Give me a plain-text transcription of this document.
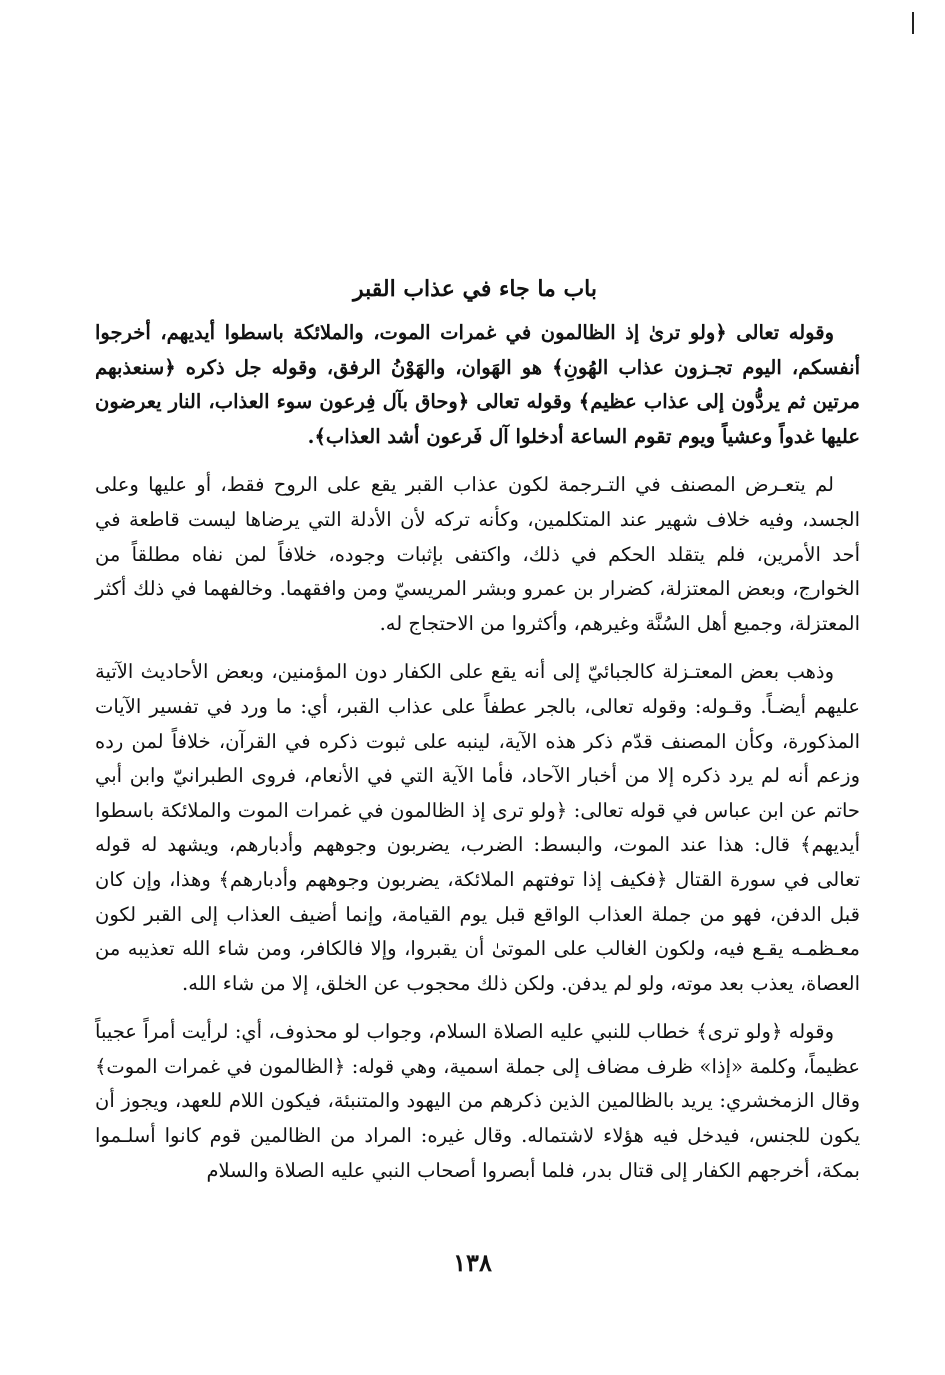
باب ما جاء في عذاب القبر

وقوله تعالى ﴿ولو ترىٰ إذ الظالمون في غمرات الموت، والملائكة باسطوا أيديهم، أخرجوا أنفسكم، اليوم تجـزون عذاب الهُونِ﴾ هو الهَوان، والهَوْنُ الرفق، وقوله جل ذكره ﴿سنعذبهم مرتين ثم يردُّون إلى عذاب عظيم﴾ وقوله تعالى ﴿وحاق بآل فِرعون سوء العذاب، النار يعرضون عليها غدواً وعشياً ويوم تقوم الساعة أدخلوا آل فَرعون أشد العذاب﴾.

لم يتعـرض المصنف في التـرجمة لكون عذاب القبر يقع على الروح فقط، أو عليها وعلى الجسد، وفيه خلاف شهير عند المتكلمين، وكأنه تركه لأن الأدلة التي يرضاها ليست قاطعة في أحد الأمرين، فلم يتقلد الحكم في ذلك، واكتفى بإثبات وجوده، خلافاً لمن نفاه مطلقاً من الخوارج، وبعض المعتزلة، كضرار بن عمرو وبشر المريسيّ ومن وافقهما. وخالفهما في ذلك أكثر المعتزلة، وجميع أهل السُنَّة وغيرهم، وأكثروا من الاحتجاج له.

وذهب بعض المعتـزلة كالجبائيّ إلى أنه يقع على الكفار دون المؤمنين، وبعض الأحاديث الآتية عليهم أيضـاً. وقـوله: وقوله تعالى، بالجر عطفاً على عذاب القبر، أي: ما ورد في تفسير الآيات المذكورة، وكأن المصنف قدّم ذكر هذه الآية، لينبه على ثبوت ذكره في القرآن، خلافاً لمن رده وزعم أنه لم يرد ذكره إلا من أخبار الآحاد، فأما الآية التي في الأنعام، فروى الطبرانيّ وابن أبي حاتم عن ابن عباس في قوله تعالى: ﴿ولو ترى إذ الظالمون في غمرات الموت والملائكة باسطوا أيديهم﴾ قال: هذا عند الموت، والبسط: الضرب، يضربون وجوههم وأدبارهم، ويشهد له قوله تعالى في سورة القتال ﴿فكيف إذا توفتهم الملائكة، يضربون وجوههم وأدبارهم﴾ وهذا، وإن كان قبل الدفن، فهو من جملة العذاب الواقع قبل يوم القيامة، وإنما أضيف العذاب إلى القبر لكون معـظمـه يقـع فيه، ولكون الغالب على الموتىٰ أن يقبروا، وإلا فالكافر، ومن شاء الله تعذيبه من العصاة، يعذب بعد موته، ولو لم يدفن. ولكن ذلك محجوب عن الخلق، إلا من شاء الله.

وقوله ﴿ولو ترى﴾ خطاب للنبي عليه الصلاة السلام، وجواب لو محذوف، أي: لرأيت أمراً عجيباً عظيماً، وكلمة «إذا» ظرف مضاف إلى جملة اسمية، وهي قوله: ﴿الظالمون في غمرات الموت﴾ وقال الزمخشري: يريد بالظالمين الذين ذكرهم من اليهود والمتنبئة، فيكون اللام للعهد، ويجوز أن يكون للجنس، فيدخل فيه هؤلاء لاشتماله. وقال غيره: المراد من الظالمين قوم كانوا أسلـموا بمكة، أخرجهم الكفار إلى قتال بدر، فلما أبصروا أصحاب النبي عليه الصلاة والسلام

١٣٨
